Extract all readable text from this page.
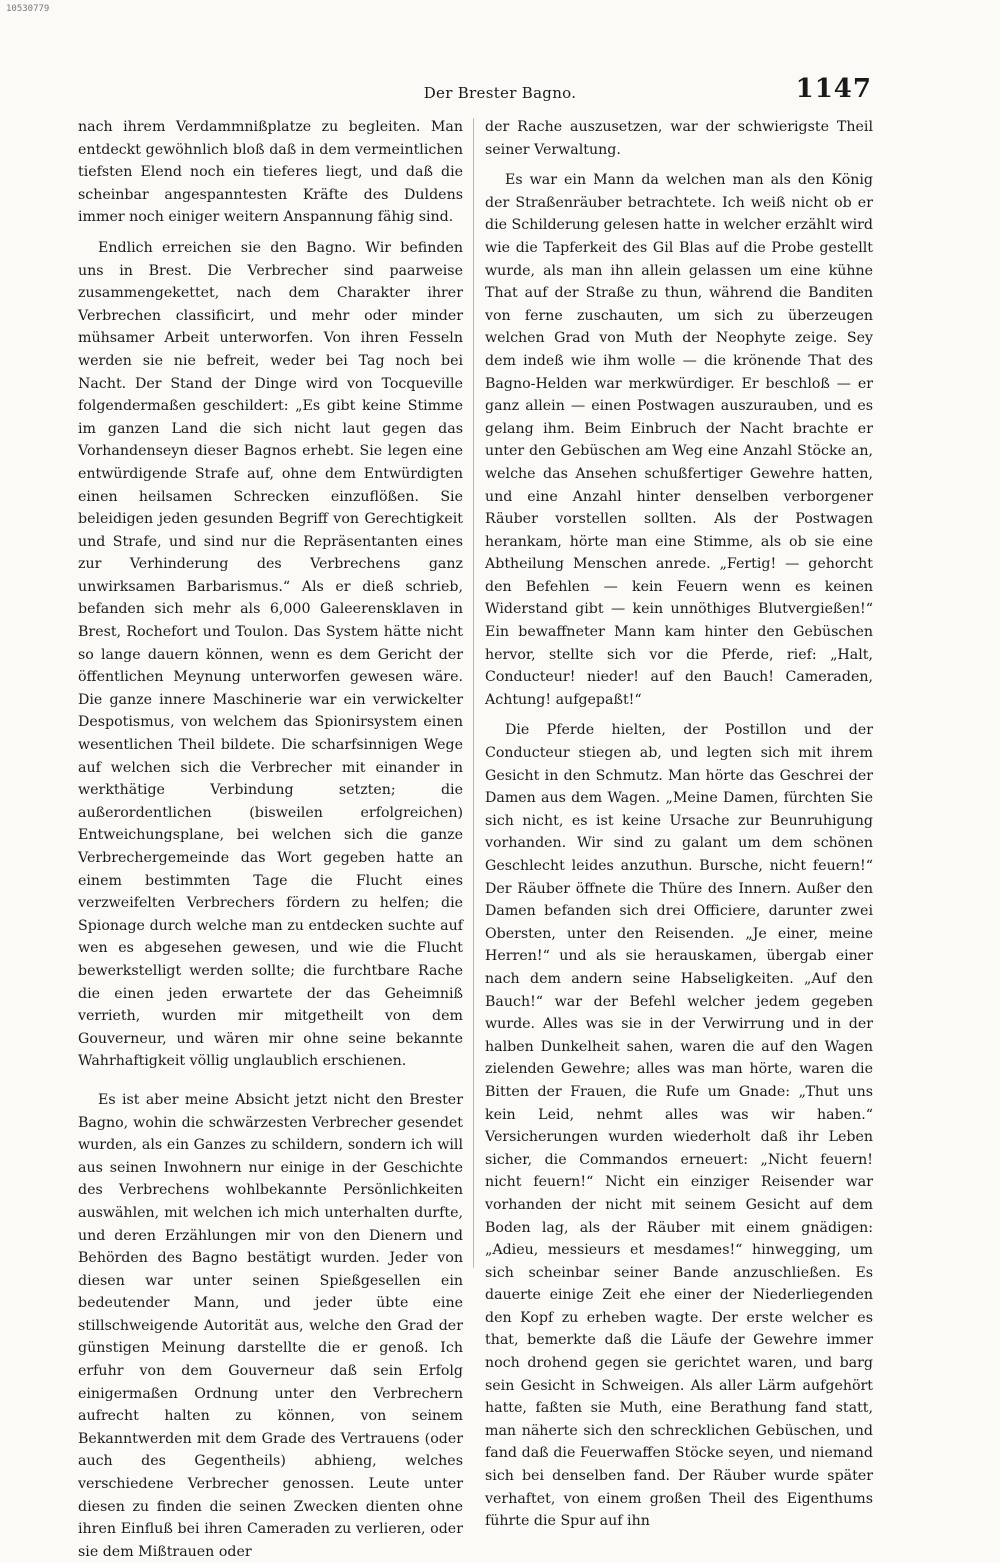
10530779
Der Brester Bagno.	1147

nach ihrem Verdammnißplatze zu begleiten. Man entdeckt gewöhnlich bloß daß in dem vermeintlichen tiefsten Elend noch ein tieferes liegt, und daß die scheinbar angespanntesten Kräfte des Duldens immer noch einiger weitern Anspannung fähig sind.

Endlich erreichen sie den Bagno. Wir befinden uns in Brest. Die Verbrecher sind paarweise zusammengekettet, nach dem Charakter ihrer Verbrechen classificirt, und mehr oder minder mühsamer Arbeit unterworfen. Von ihren Fesseln werden sie nie befreit, weder bei Tag noch bei Nacht. Der Stand der Dinge wird von Tocqueville folgendermaßen geschildert: „Es gibt keine Stimme im ganzen Land die sich nicht laut gegen das Vorhandenseyn dieser Bagnos erhebt. Sie legen eine entwürdigende Strafe auf, ohne dem Entwürdigten einen heilsamen Schrecken einzuflößen. Sie beleidigen jeden gesunden Begriff von Gerechtigkeit und Strafe, und sind nur die Repräsentanten eines zur Verhinderung des Verbrechens ganz unwirksamen Barbarismus.“ Als er dieß schrieb, befanden sich mehr als 6,000 Galeerensklaven in Brest, Rochefort und Toulon. Das System hätte nicht so lange dauern können, wenn es dem Gericht der öffentlichen Meynung unterworfen gewesen wäre. Die ganze innere Maschinerie war ein verwickelter Despotismus, von welchem das Spionirsystem einen wesentlichen Theil bildete. Die scharfsinnigen Wege auf welchen sich die Verbrecher mit einander in werkthätige Verbindung setzten; die außerordentlichen (bisweilen erfolgreichen) Entweichungsplane, bei welchen sich die ganze Verbrechergemeinde das Wort gegeben hatte an einem bestimmten Tage die Flucht eines verzweifelten Verbrechers fördern zu helfen; die Spionage durch welche man zu entdecken suchte auf wen es abgesehen gewesen, und wie die Flucht bewerkstelligt werden sollte; die furchtbare Rache die einen jeden erwartete der das Geheimniß verrieth, wurden mir mitgetheilt von dem Gouverneur, und wären mir ohne seine bekannte Wahrhaftigkeit völlig unglaublich erschienen.

Es ist aber meine Absicht jetzt nicht den Brester Bagno, wohin die schwärzesten Verbrecher gesendet wurden, als ein Ganzes zu schildern, sondern ich will aus seinen Inwohnern nur einige in der Geschichte des Verbrechens wohlbekannte Persönlichkeiten auswählen, mit welchen ich mich unterhalten durfte, und deren Erzählungen mir von den Dienern und Behörden des Bagno bestätigt wurden. Jeder von diesen war unter seinen Spießgesellen ein bedeutender Mann, und jeder übte eine stillschweigende Autorität aus, welche den Grad der günstigen Meinung darstellte die er genoß. Ich erfuhr von dem Gouverneur daß sein Erfolg einigermaßen Ordnung unter den Verbrechern aufrecht halten zu können, von seinem Bekanntwerden mit dem Grade des Vertrauens (oder auch des Gegentheils) abhieng, welches verschiedene Verbrecher genossen. Leute unter diesen zu finden die seinen Zwecken dienten ohne ihren Einfluß bei ihren Cameraden zu verlieren, oder sie dem Mißtrauen oder

der Rache auszusetzen, war der schwierigste Theil seiner Verwaltung.

Es war ein Mann da welchen man als den König der Straßenräuber betrachtete. Ich weiß nicht ob er die Schilderung gelesen hatte in welcher erzählt wird wie die Tapferkeit des Gil Blas auf die Probe gestellt wurde, als man ihn allein gelassen um eine kühne That auf der Straße zu thun, während die Banditen von ferne zuschauten, um sich zu überzeugen welchen Grad von Muth der Neophyte zeige. Sey dem indeß wie ihm wolle — die krönende That des Bagno-Helden war merkwürdiger. Er beschloß — er ganz allein — einen Postwagen auszurauben, und es gelang ihm. Beim Einbruch der Nacht brachte er unter den Gebüschen am Weg eine Anzahl Stöcke an, welche das Ansehen schußfertiger Gewehre hatten, und eine Anzahl hinter denselben verborgener Räuber vorstellen sollten. Als der Postwagen herankam, hörte man eine Stimme, als ob sie eine Abtheilung Menschen anrede. „Fertig! — gehorcht den Befehlen — kein Feuern wenn es keinen Widerstand gibt — kein unnöthiges Blutvergießen!“ Ein bewaffneter Mann kam hinter den Gebüschen hervor, stellte sich vor die Pferde, rief: „Halt, Conducteur! nieder! auf den Bauch! Cameraden, Achtung! aufgepaßt!“

Die Pferde hielten, der Postillon und der Conducteur stiegen ab, und legten sich mit ihrem Gesicht in den Schmutz. Man hörte das Geschrei der Damen aus dem Wagen. „Meine Damen, fürchten Sie sich nicht, es ist keine Ursache zur Beunruhigung vorhanden. Wir sind zu galant um dem schönen Geschlecht leides anzuthun. Bursche, nicht feuern!“ Der Räuber öffnete die Thüre des Innern. Außer den Damen befanden sich drei Officiere, darunter zwei Obersten, unter den Reisenden. „Je einer, meine Herren!“ und als sie herauskamen, übergab einer nach dem andern seine Habseligkeiten. „Auf den Bauch!“ war der Befehl welcher jedem gegeben wurde. Alles was sie in der Verwirrung und in der halben Dunkelheit sahen, waren die auf den Wagen zielenden Gewehre; alles was man hörte, waren die Bitten der Frauen, die Rufe um Gnade: „Thut uns kein Leid, nehmt alles was wir haben.“ Versicherungen wurden wiederholt daß ihr Leben sicher, die Commandos erneuert: „Nicht feuern! nicht feuern!“ Nicht ein einziger Reisender war vorhanden der nicht mit seinem Gesicht auf dem Boden lag, als der Räuber mit einem gnädigen: „Adieu, messieurs et mesdames!“ hinwegging, um sich scheinbar seiner Bande anzuschließen. Es dauerte einige Zeit ehe einer der Niederliegenden den Kopf zu erheben wagte. Der erste welcher es that, bemerkte daß die Läufe der Gewehre immer noch drohend gegen sie gerichtet waren, und barg sein Gesicht in Schweigen. Als aller Lärm aufgehört hatte, faßten sie Muth, eine Berathung fand statt, man näherte sich den schrecklichen Gebüschen, und fand daß die Feuerwaffen Stöcke seyen, und niemand sich bei denselben fand. Der Räuber wurde später verhaftet, von einem großen Theil des Eigenthums führte die Spur auf ihn
